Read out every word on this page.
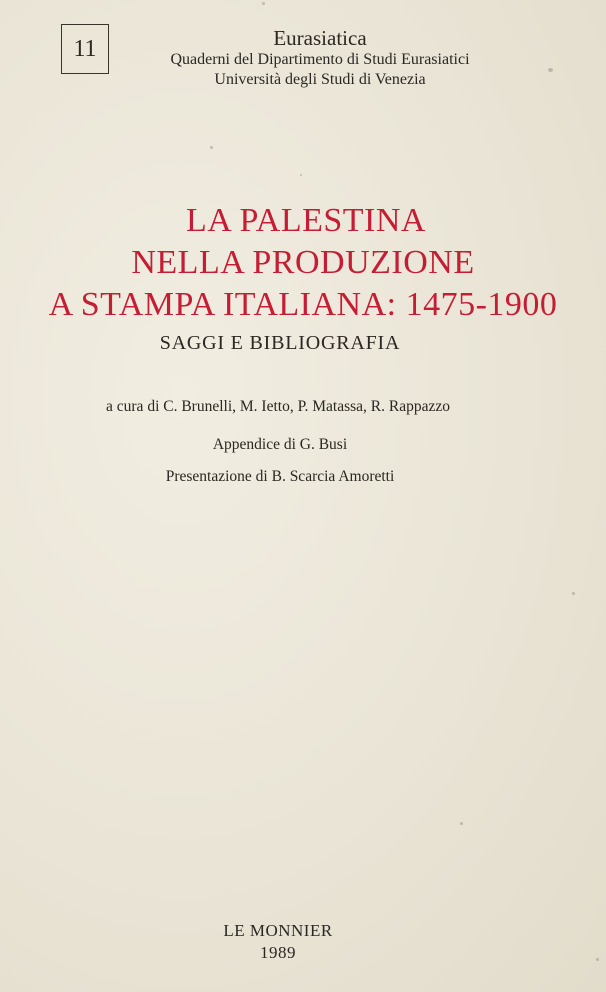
11	Eurasiatica
Quaderni del Dipartimento di Studi Eurasiatici
Università degli Studi di Venezia
LA PALESTINA
NELLA PRODUZIONE
A STAMPA ITALIANA: 1475-1900
SAGGI E BIBLIOGRAFIA
a cura di C. Brunelli, M. Ietto, P. Matassa, R. Rappazzo
Appendice di G. Busi
Presentazione di B. Scarcia Amoretti
LE MONNIER
1989
